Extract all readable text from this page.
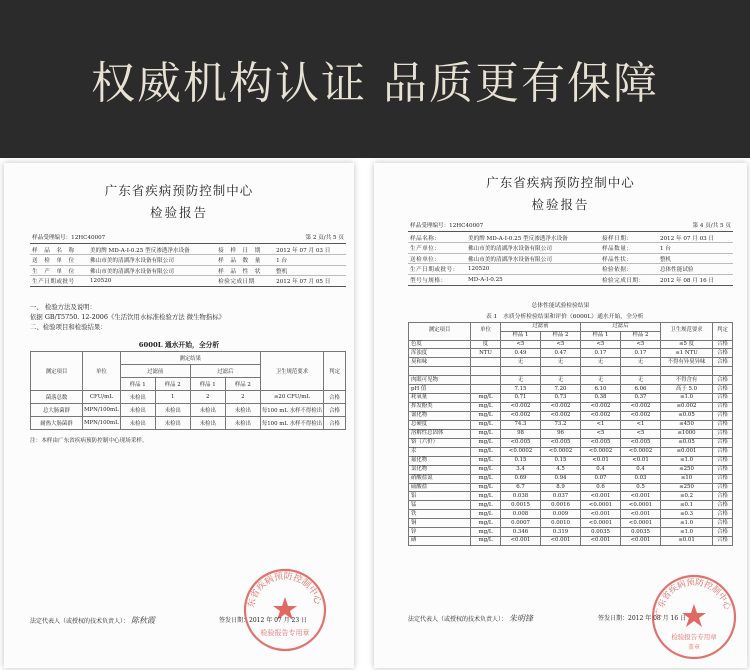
权威机构认证 品质更有保障
广东省疾病预防控制中心
检验报告
样品受理编号：12HC40007	第 2 页/共 5 页
样　品　名　称	美的牌 MD-A-I-0.25 型反渗透净水设备	接　样　日　期	2012 年 07 月 03 日
送　检　单　位	佛山市美的清湖净水设备有限公司	样　品　数　量	1 台
生　产　单　位	佛山市美的清湖净水设备有限公司	样　品　性　状	整机
生产日期或批号	120520	检验完成日期	2012 年 07 月 05 日
一、 检验方法及说明：
依据 GB/T5750. 12-2006《生活饮用水标准检验方法 微生物指标》
二、检验项目和检验结果：
6000L 通水开始，全分析
测定项目	单位	测定结果				卫生规范要求	判定
		过滤前		过滤后			
		样品 1	样品 2	样品 1	样品 2		
菌落总数	CFU/mL	未检出	1	2	2	≤20 CFU/mL	合格
总大肠菌群	MPN/100mL	未检出	未检出	未检出	未检出	每100 mL 水样不得检出	合格
耐热大肠菌群	MPN/100mL	未检出	未检出	未检出	未检出	每100 mL 水样不得检出	合格
注：本样由广东省疾病预防控制中心现场采样。
东省疾病预防控制中心
检验报告专用章
法定代表人（或授权的技术负责人）： 陈秋霞	签发日期：2012 年 07 月 23 日
广东省疾病预防控制中心
检验报告
样品受理编号：12HC40007	第 4 页/共 5 页
样品名称：	美的牌 MD-A-I-0.25 型反渗透净水设备	接样日期：	2012 年 07 月 03 日
生产单位：	佛山市美的清湖净水设备有限公司	样品数量：	1 台
送检单位：	佛山市美的清湖净水设备有限公司	样品性状：	整机
生产日期或批号：	120520	检验依据：	总体性能试验
型号与规格：	MD-A-I-0.25	检验完成日期：	2012 年 08 月 16 日
总体性能试验检验结果
表 1　水质分析检验结果和评价（6000L）通水开始，全分析
测定项目	单位	过滤前		过滤后		卫生规范要求	判定
		样品 1	样品 2	样品 1	样品 2		
色度	度	<5	<5	<5	<5	≤5 度	合格
浑浊度	NTU	0.49	0.47	0.17	0.17	≤1 NTU	合格
臭和味		无	无	无	无	不得有异臭异味	合格

肉眼可见物		无	无	无	无	不得含有	合格
pH 值		7.15	7.20	6.10	6.06	高于 5.0	合格
耗氧量	mg/L	0.71	0.73	0.38	0.37	≤1.0	合格
挥发酚类	mg/L	<0.002	<0.002	<0.002	<0.002	≤0.002	合格
氰化物	mg/L	<0.002	<0.002	<0.002	<0.002	≤0.05	合格
总硬度	mg/L	74.3	73.2	<1	<1	≤450	合格
溶解性总固体	mg/L	98	96	<5	<5	≤1000	合格
铬（六价）	mg/L	<0.005	<0.005	<0.005	<0.005	≤0.05	合格
汞	mg/L	<0.0002	<0.0002	<0.0002	<0.0002	≤0.001	合格
氟化物	mg/L	0.15	0.15	<0.01	<0.01	≤1.0	合格
氯化物	mg/L	3.4	4.5	0.4	0.4	≤250	合格
硝酸盐氮	mg/L	0.69	0.94	0.07	0.03	≤10	合格
硫酸盐	mg/L	6.7	8.9	0.6	0.5	≤250	合格
铝	mg/L	0.038	0.037	<0.001	<0.001	≤0.2	合格
锰	mg/L	0.0015	0.0016	<0.0001	<0.0001	≤0.1	合格
铁	mg/L	0.008	0.009	<0.001	<0.001	≤0.3	合格
铜	mg/L	0.0007	0.0010	<0.0001	<0.0001	≤1.0	合格
锌	mg/L	0.346	0.319	0.0035	0.0035	≤1.0	合格
硒	mg/L	<0.001	<0.001	<0.001	<0.001	≤0.01	合格
广东省疾病预防控制中心
检验报告专用章
盖章
法定代表人（或授权的技术负责人）： 朱明锋	签发日期：2012 年 08 月 16 日
